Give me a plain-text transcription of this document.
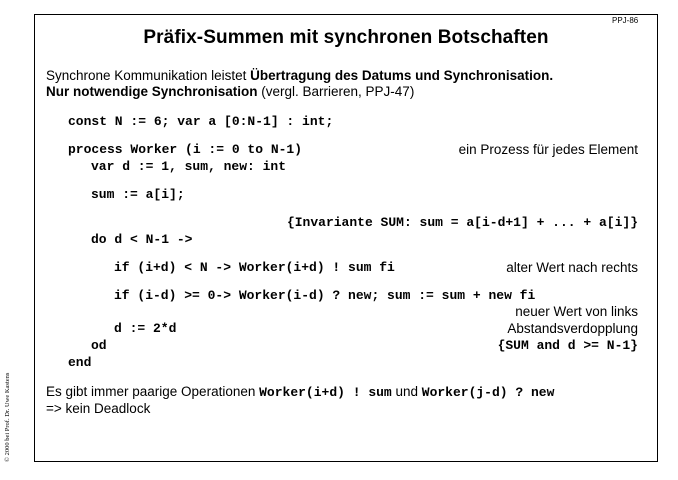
PPJ-86
Präfix-Summen mit synchronen Botschaften
Synchrone Kommunikation leistet Übertragung des Datums und Synchronisation.
Nur notwendige Synchronisation (vergl. Barrieren, PPJ-47)
const N := 6; var a [0:N-1] : int;
process Worker (i := 0 to N-1)	ein Prozess für jedes Element
var d := 1, sum, new: int
sum := a[i];
{Invariante SUM: sum = a[i-d+1] + ... + a[i]}
do d < N-1 ->
if (i+d) < N -> Worker(i+d) ! sum fi	alter Wert nach rechts
if (i-d) >= 0-> Worker(i-d) ? new; sum := sum + new fi
neuer Wert von links
d := 2*d	Abstandsverdopplung
od	{SUM and d >= N-1}
end
Es gibt immer paarige Operationen Worker(i+d) ! sum und Worker(j-d) ? new
=> kein Deadlock
© 2000 bei Prof. Dr. Uwe Kastens
